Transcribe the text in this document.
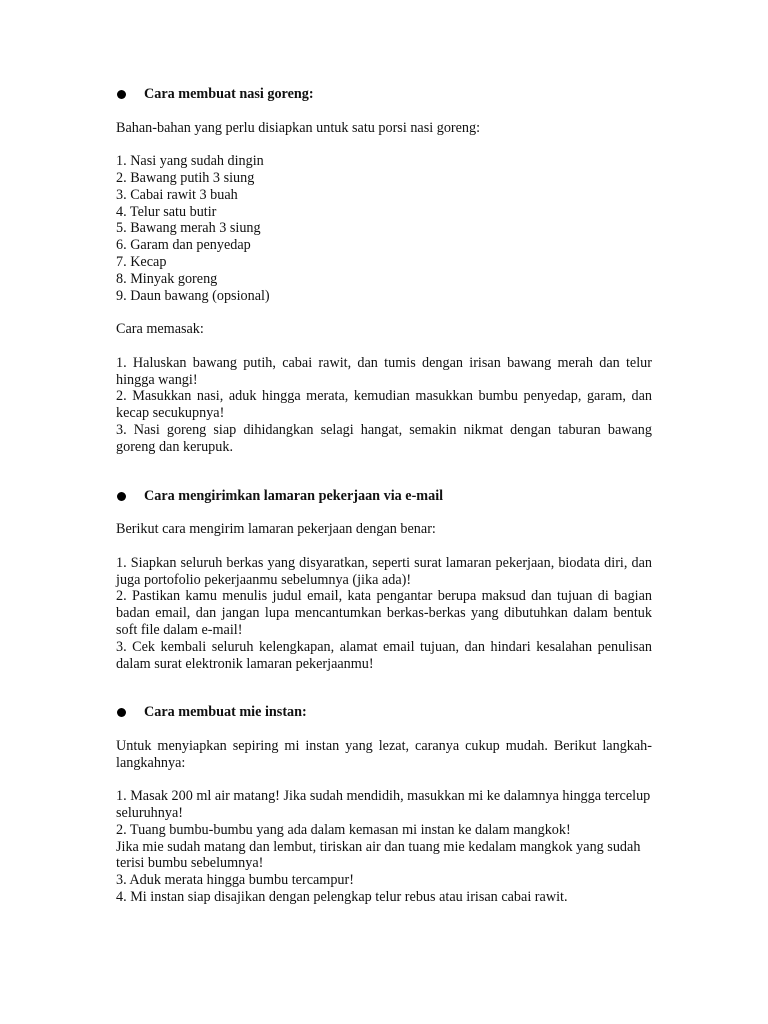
Cara membuat nasi goreng:

Bahan-bahan yang perlu disiapkan untuk satu porsi nasi goreng:

1. Nasi yang sudah dingin
2. Bawang putih 3 siung
3. Cabai rawit 3 buah
4. Telur satu butir
5. Bawang merah 3 siung
6. Garam dan penyedap
7. Kecap
8. Minyak goreng
9. Daun bawang (opsional)

Cara memasak:

1. Haluskan bawang putih, cabai rawit, dan tumis dengan irisan bawang merah dan telur hingga wangi!

2. Masukkan nasi, aduk hingga merata, kemudian masukkan bumbu penyedap, garam, dan kecap secukupnya!

3. Nasi goreng siap dihidangkan selagi hangat, semakin nikmat dengan taburan bawang goreng dan kerupuk.

Cara mengirimkan lamaran pekerjaan via e-mail

Berikut cara mengirim lamaran pekerjaan dengan benar:

1. Siapkan seluruh berkas yang disyaratkan, seperti surat lamaran pekerjaan, biodata diri, dan juga portofolio pekerjaanmu sebelumnya (jika ada)!

2. Pastikan kamu menulis judul email, kata pengantar berupa maksud dan tujuan di bagian badan email, dan jangan lupa mencantumkan berkas-berkas yang dibutuhkan dalam bentuk soft file dalam e-mail!

3. Cek kembali seluruh kelengkapan, alamat email tujuan, dan hindari kesalahan penulisan dalam surat elektronik lamaran pekerjaanmu!

Cara membuat mie instan:

Untuk menyiapkan sepiring mi instan yang lezat, caranya cukup mudah. Berikut langkah-langkahnya:

1. Masak 200 ml air matang! Jika sudah mendidih, masukkan mi ke dalamnya hingga tercelup seluruhnya!

2. Tuang bumbu-bumbu yang ada dalam kemasan mi instan ke dalam mangkok!

Jika mie sudah matang dan lembut, tiriskan air dan tuang mie kedalam mangkok yang sudah terisi bumbu sebelumnya!

3. Aduk merata hingga bumbu tercampur!

4. Mi instan siap disajikan dengan pelengkap telur rebus atau irisan cabai rawit.
